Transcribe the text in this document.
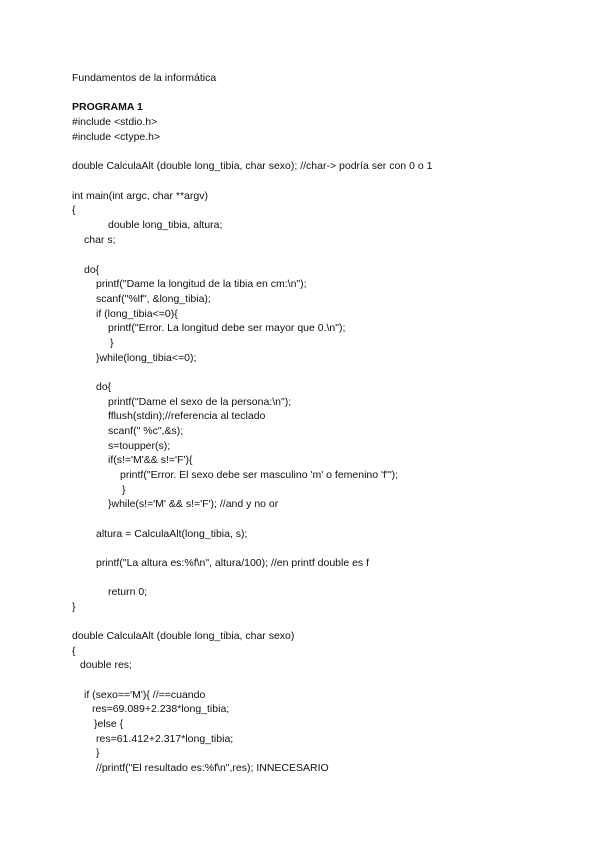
Fundamentos de la informática
PROGRAMA 1
#include <stdio.h>
#include <ctype.h>
double CalculaAlt (double long_tibia, char sexo); //char-> podría ser con 0 o 1
int main(int argc, char **argv)
{
double long_tibia, altura;
char s;
do{
printf("Dame la longitud de la tibia en cm:\n");
scanf("%lf", &long_tibia);
if (long_tibia<=0){
printf("Error. La longitud debe ser mayor que 0.\n");
}
}while(long_tibia<=0);
do{
printf("Dame el sexo de la persona:\n");
fflush(stdin);//referencia al teclado
scanf(" %c",&s);
s=toupper(s);
if(s!='M'&& s!='F'){
printf("Error. El sexo debe ser masculino 'm' o femenino 'f'");
}
}while(s!='M' && s!='F'); //and y no or
altura = CalculaAlt(long_tibia, s);
printf("La altura es:%f\n", altura/100); //en printf double es f
return 0;
}
double CalculaAlt (double long_tibia, char sexo)
{
double res;
if (sexo=='M'){ //==cuando
res=69.089+2.238*long_tibia;
}else {
res=61.412+2.317*long_tibia;
}
//printf("El resultado es:%f\n",res); INNECESARIO
